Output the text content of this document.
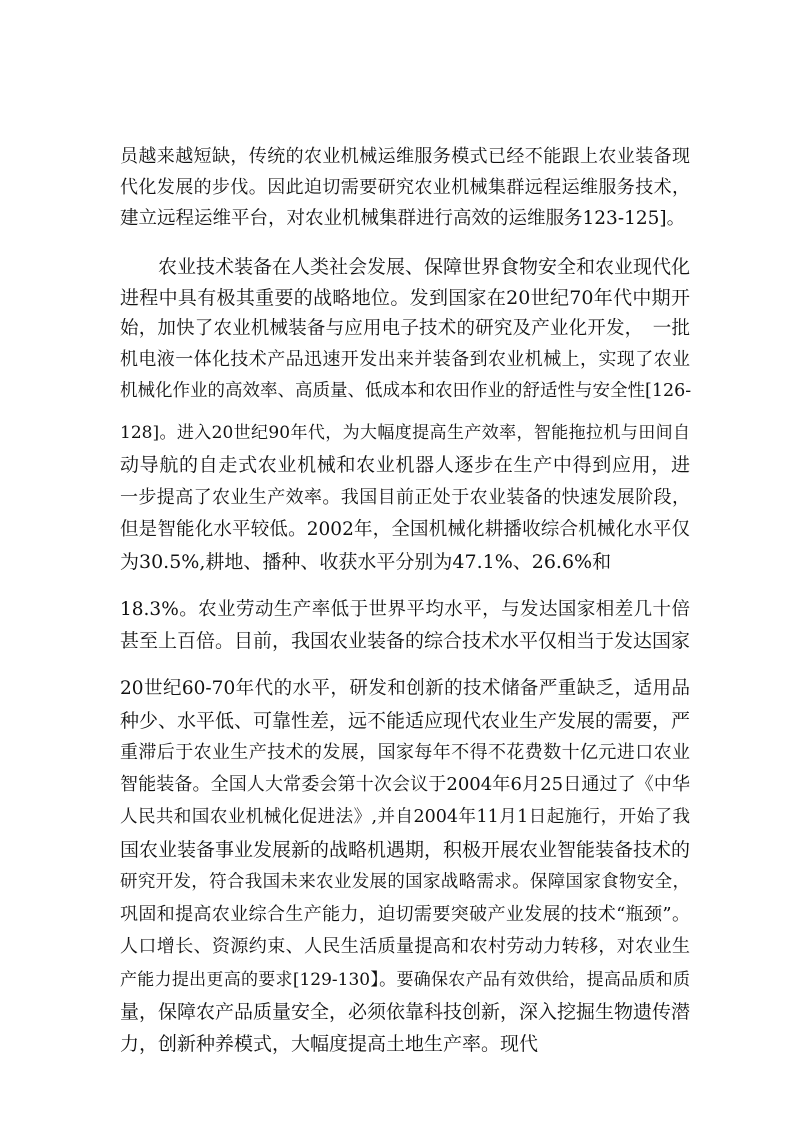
员越来越短缺，传统的农业机械运维服务模式已经不能跟上农业装备现
代化发展的步伐。因此迫切需要研究农业机械集群远程运维服务技术，
建立远程运维平台，对农业机械集群进行高效的运维服务123-125]。
农业技术装备在人类社会发展、保障世界食物安全和农业现代化
进程中具有极其重要的战略地位。发到国家在20世纪70年代中期开
始，加快了农业机械装备与应用电子技术的研究及产业化开发，　一批
机电液一体化技术产品迅速开发出来并装备到农业机械上，实现了农业
机械化作业的高效率、高质量、低成本和农田作业的舒适性与安全性[126-
128]。进入20世纪90年代，为大幅度提高生产效率，智能拖拉机与田间自
动导航的自走式农业机械和农业机器人逐步在生产中得到应用，进
一步提高了农业生产效率。我国目前正处于农业装备的快速发展阶段，
但是智能化水平较低。2002年，全国机械化耕播收综合机械化水平仅
为30.5%,耕地、播种、收获水平分别为47.1%、26.6%和
18.3%。农业劳动生产率低于世界平均水平，与发达国家相差几十倍
甚至上百倍。目前，我国农业装备的综合技术水平仅相当于发达国家
20世纪60-70年代的水平，研发和创新的技术储备严重缺乏，适用品
种少、水平低、可靠性差，远不能适应现代农业生产发展的需要，严
重滞后于农业生产技术的发展，国家每年不得不花费数十亿元进口农业
智能装备。全国人大常委会第十次会议于2004年6月25日通过了《中华
人民共和国农业机械化促进法》,并自2004年11月1日起施行，开始了我
国农业装备事业发展新的战略机遇期，积极开展农业智能装备技术的
研究开发，符合我国未来农业发展的国家战略需求。保障国家食物安全，
巩固和提高农业综合生产能力，迫切需要突破产业发展的技术“瓶颈”。
人口增长、资源约束、人民生活质量提高和农村劳动力转移，对农业生
产能力提出更高的要求[129-130】。要确保农产品有效供给，提高品质和质
量，保障农产品质量安全，必须依靠科技创新，深入挖掘生物遗传潜
力，创新种养模式，大幅度提高土地生产率。现代
